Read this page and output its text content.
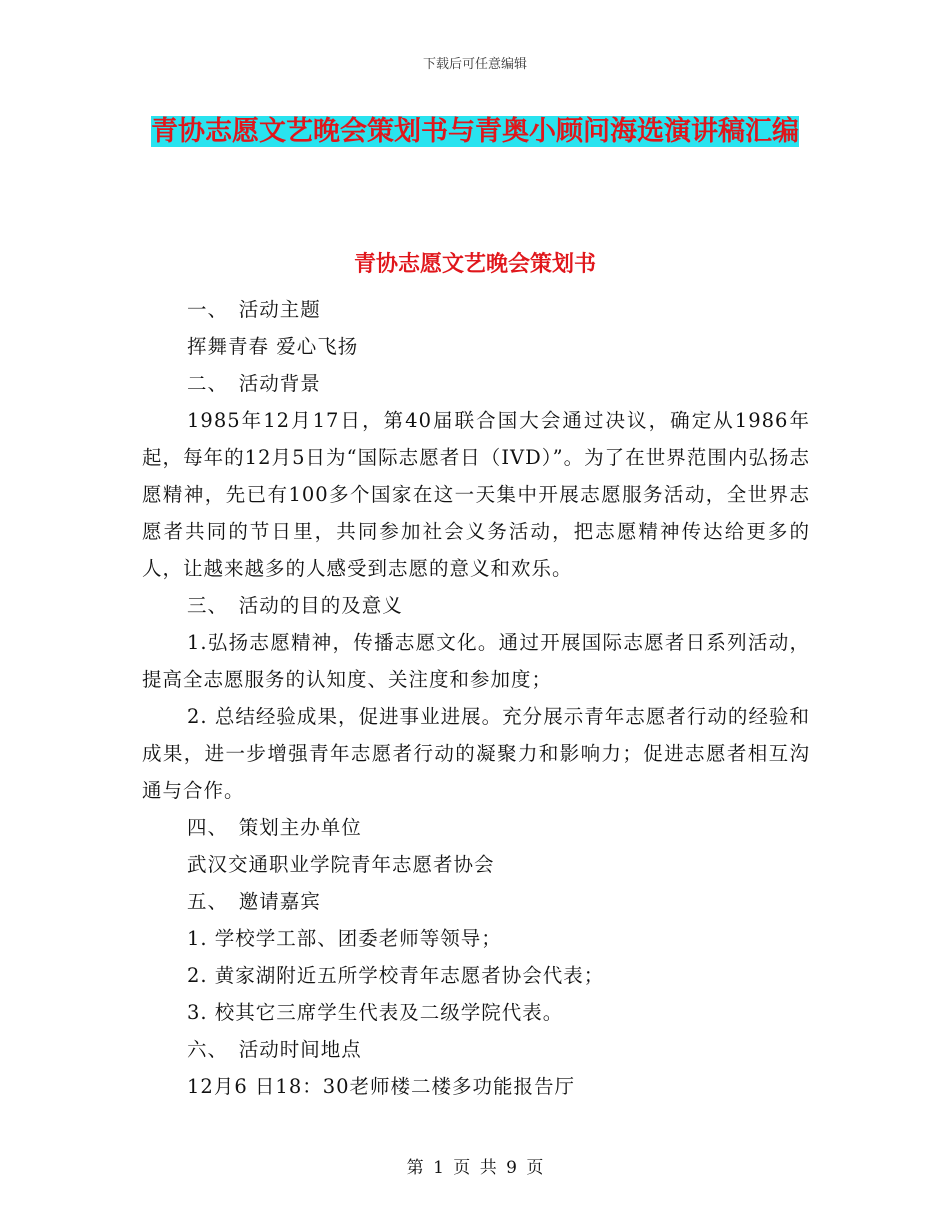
下载后可任意编辑
青协志愿文艺晚会策划书与青奥小顾问海选演讲稿汇编
青协志愿文艺晚会策划书

一、　活动主题

挥舞青春 爱心飞扬

二、　活动背景

1985年12月17日，第40届联合国大会通过决议，确定从1986年起，每年的12月5日为“国际志愿者日（IVD）”。为了在世界范围内弘扬志愿精神，先已有100多个国家在这一天集中开展志愿服务活动，全世界志愿者共同的节日里，共同参加社会义务活动，把志愿精神传达给更多的人，让越来越多的人感受到志愿的意义和欢乐。

三、　活动的目的及意义

1.弘扬志愿精神，传播志愿文化。通过开展国际志愿者日系列活动，提高全志愿服务的认知度、关注度和参加度；

2. 总结经验成果，促进事业进展。充分展示青年志愿者行动的经验和成果，进一步增强青年志愿者行动的凝聚力和影响力；促进志愿者相互沟通与合作。

四、　策划主办单位

武汉交通职业学院青年志愿者协会

五、　邀请嘉宾

1. 学校学工部、团委老师等领导；

2. 黄家湖附近五所学校青年志愿者协会代表；

3. 校其它三席学生代表及二级学院代表。

六、　活动时间地点

12月6 日18：30老师楼二楼多功能报告厅

第 1 页 共 9 页
